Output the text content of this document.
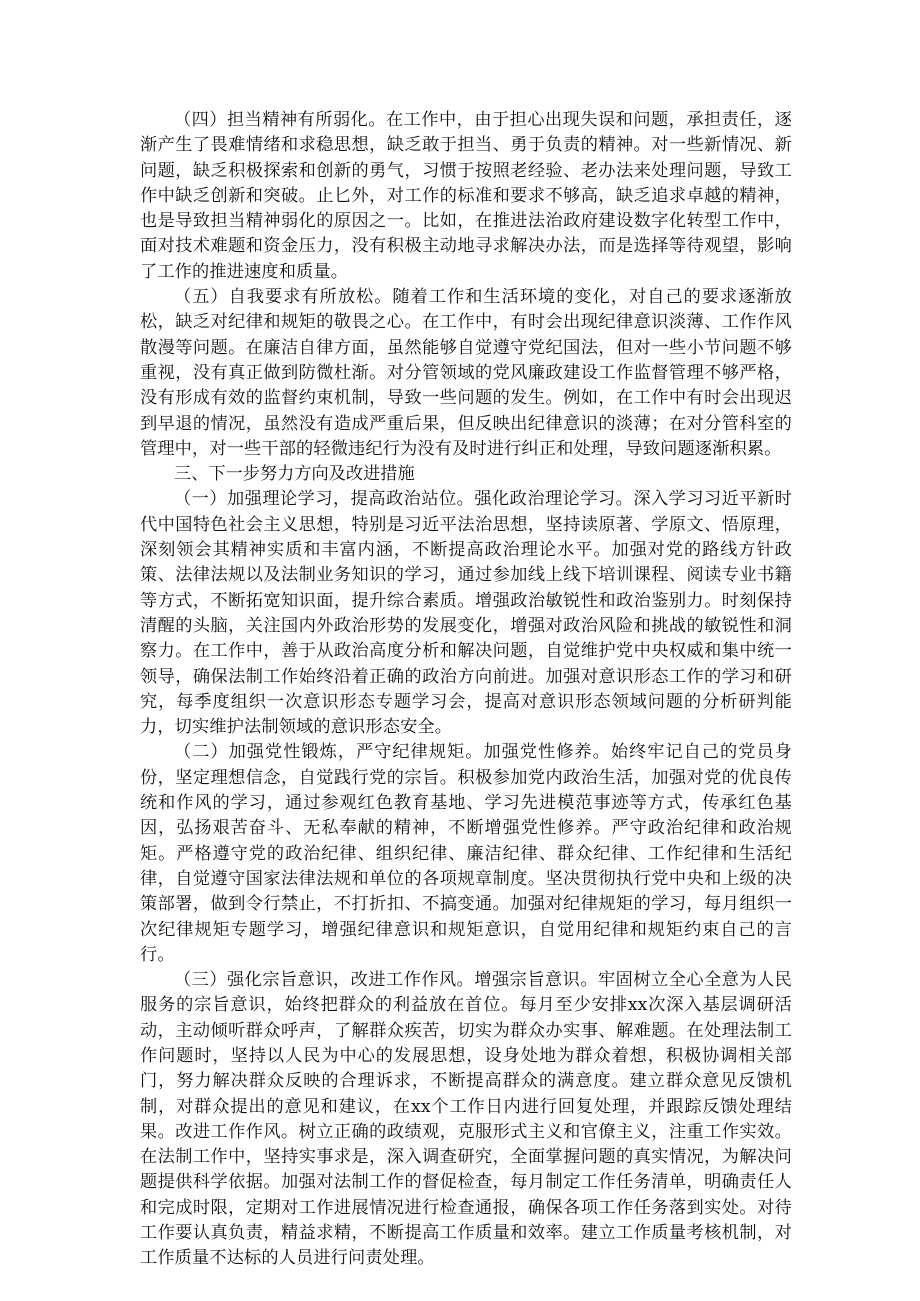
（四）担当精神有所弱化。在工作中，由于担心出现失误和问题，承担责任，逐渐产生了畏难情绪和求稳思想，缺乏敢于担当、勇于负责的精神。对一些新情况、新问题，缺乏积极探索和创新的勇气，习惯于按照老经验、老办法来处理问题，导致工作中缺乏创新和突破。止匕外，对工作的标准和要求不够高，缺乏追求卓越的精神，也是导致担当精神弱化的原因之一。比如，在推进法治政府建设数字化转型工作中，面对技术难题和资金压力，没有积极主动地寻求解决办法，而是选择等待观望，影响了工作的推进速度和质量。

（五）自我要求有所放松。随着工作和生活环境的变化，对自己的要求逐渐放松，缺乏对纪律和规矩的敬畏之心。在工作中，有时会出现纪律意识淡薄、工作作风散漫等问题。在廉洁自律方面，虽然能够自觉遵守党纪国法，但对一些小节问题不够重视，没有真正做到防微杜渐。对分管领域的党风廉政建设工作监督管理不够严格，没有形成有效的监督约束机制，导致一些问题的发生。例如，在工作中有时会出现迟到早退的情况，虽然没有造成严重后果，但反映出纪律意识的淡薄；在对分管科室的管理中，对一些干部的轻微违纪行为没有及时进行纠正和处理，导致问题逐渐积累。

三、下一步努力方向及改进措施

（一）加强理论学习，提高政治站位。强化政治理论学习。深入学习习近平新时代中国特色社会主义思想，特别是习近平法治思想，坚持读原著、学原文、悟原理，深刻领会其精神实质和丰富内涵，不断提高政治理论水平。加强对党的路线方针政策、法律法规以及法制业务知识的学习，通过参加线上线下培训课程、阅读专业书籍等方式，不断拓宽知识面，提升综合素质。增强政治敏锐性和政治鉴别力。时刻保持清醒的头脑，关注国内外政治形势的发展变化，增强对政治风险和挑战的敏锐性和洞察力。在工作中，善于从政治高度分析和解决问题，自觉维护党中央权威和集中统一领导，确保法制工作始终沿着正确的政治方向前进。加强对意识形态工作的学习和研究，每季度组织一次意识形态专题学习会，提高对意识形态领域问题的分析研判能力，切实维护法制领域的意识形态安全。

（二）加强党性锻炼，严守纪律规矩。加强党性修养。始终牢记自己的党员身份，坚定理想信念，自觉践行党的宗旨。积极参加党内政治生活，加强对党的优良传统和作风的学习，通过参观红色教育基地、学习先进模范事迹等方式，传承红色基因，弘扬艰苦奋斗、无私奉献的精神，不断增强党性修养。严守政治纪律和政治规矩。严格遵守党的政治纪律、组织纪律、廉洁纪律、群众纪律、工作纪律和生活纪律，自觉遵守国家法律法规和单位的各项规章制度。坚决贯彻执行党中央和上级的决策部署，做到令行禁止，不打折扣、不搞变通。加强对纪律规矩的学习，每月组织一次纪律规矩专题学习，增强纪律意识和规矩意识，自觉用纪律和规矩约束自己的言行。

（三）强化宗旨意识，改进工作作风。增强宗旨意识。牢固树立全心全意为人民服务的宗旨意识，始终把群众的利益放在首位。每月至少安排xx次深入基层调研活动，主动倾听群众呼声，了解群众疾苦，切实为群众办实事、解难题。在处理法制工作问题时，坚持以人民为中心的发展思想，设身处地为群众着想，积极协调相关部门，努力解决群众反映的合理诉求，不断提高群众的满意度。建立群众意见反馈机制，对群众提出的意见和建议，在xx个工作日内进行回复处理，并跟踪反馈处理结果。改进工作作风。树立正确的政绩观，克服形式主义和官僚主义，注重工作实效。在法制工作中，坚持实事求是，深入调查研究，全面掌握问题的真实情况，为解决问题提供科学依据。加强对法制工作的督促检查，每月制定工作任务清单，明确责任人和完成时限，定期对工作进展情况进行检查通报，确保各项工作任务落到实处。对待工作要认真负责，精益求精，不断提高工作质量和效率。建立工作质量考核机制，对工作质量不达标的人员进行问责处理。
